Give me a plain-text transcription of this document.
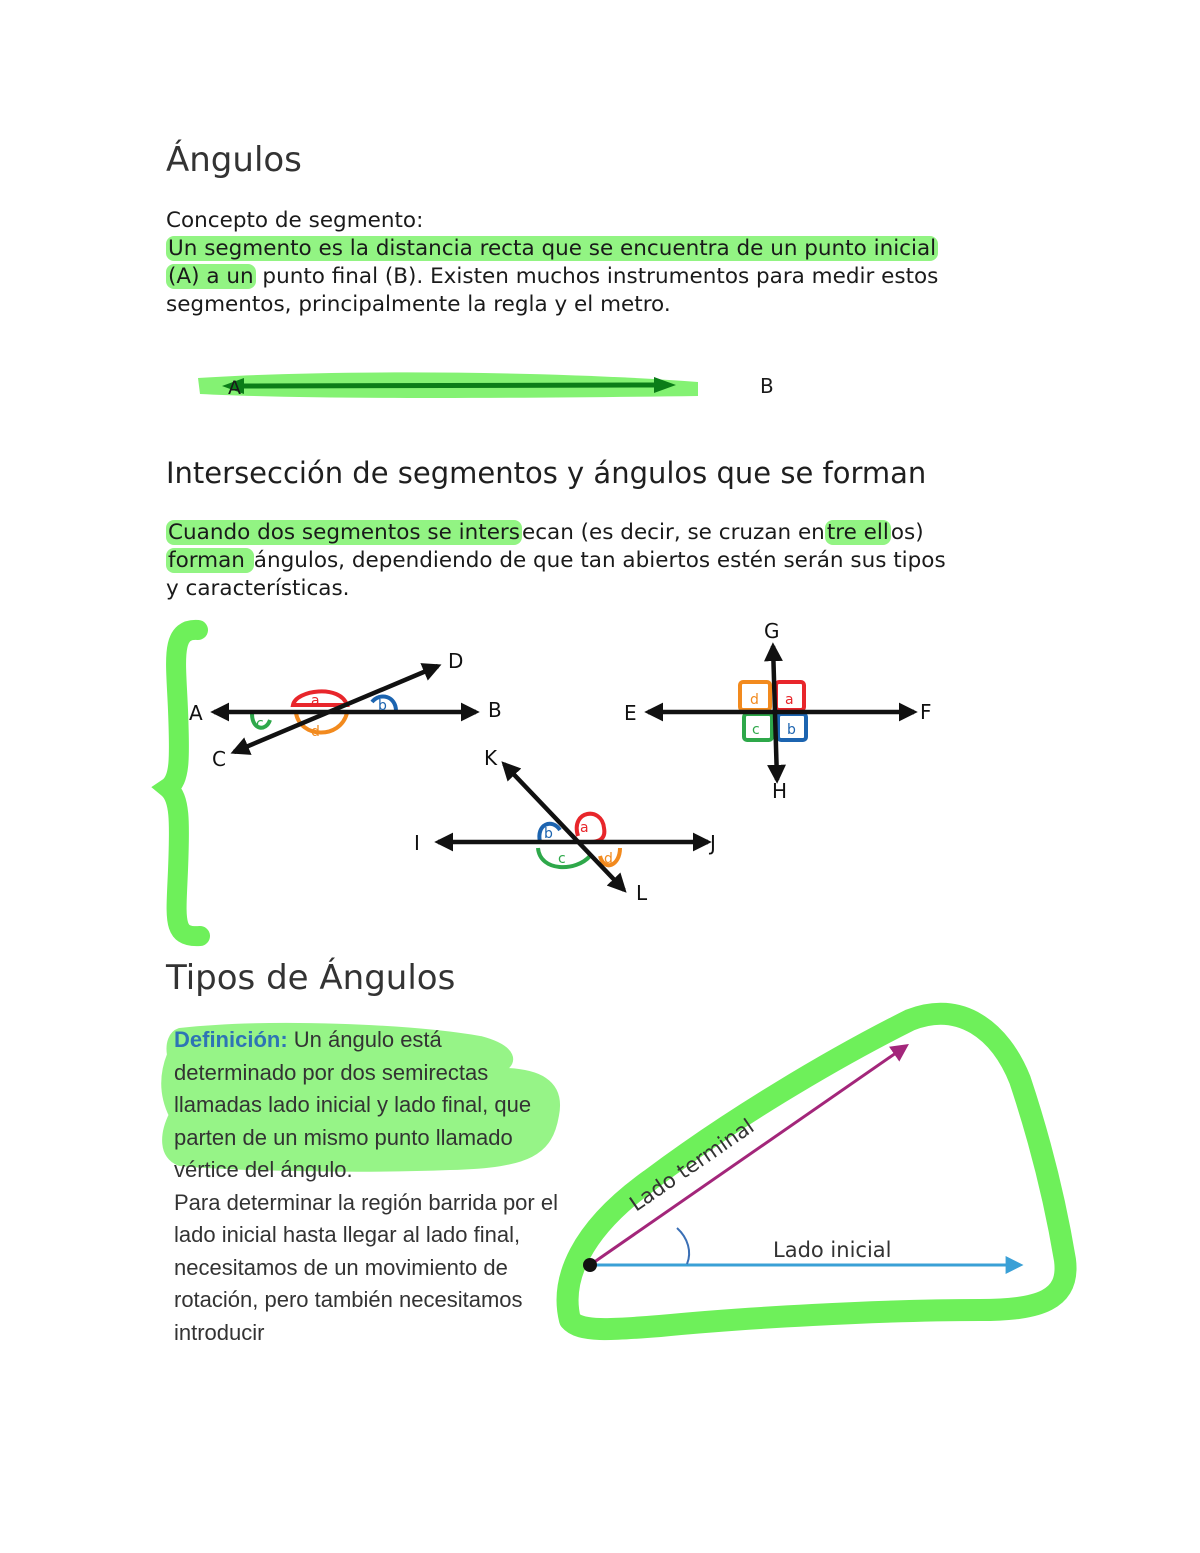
Ángulos

Concepto de segmento:

Un segmento es la distancia recta que se encuentra de un punto inicial

(A) a un punto final (B). Existen muchos instrumentos para medir estos

segmentos, principalmente la regla y el metro.

A	B
Intersección de segmentos y ángulos que se forman

Cuando dos segmentos se intersecan (es decir, se cruzan entre ellos)

forman ángulos, dependiendo de que tan abiertos estén serán sus tipos

y características.

A	B
C
D
a	b
c	d
E	F
G
H
d a
c b
I	J
K
L
a
b
c	d
Tipos de Ángulos

Definición: Un ángulo está

determinado por dos semirectas

llamadas lado inicial y lado final, que

parten de un mismo punto llamado

vértice del ángulo.

Para determinar la región barrida por el

lado inicial hasta llegar al lado final,

necesitamos de un movimiento de

rotación, pero también necesitamos

introducir

Lado inicial
Lado terminal
